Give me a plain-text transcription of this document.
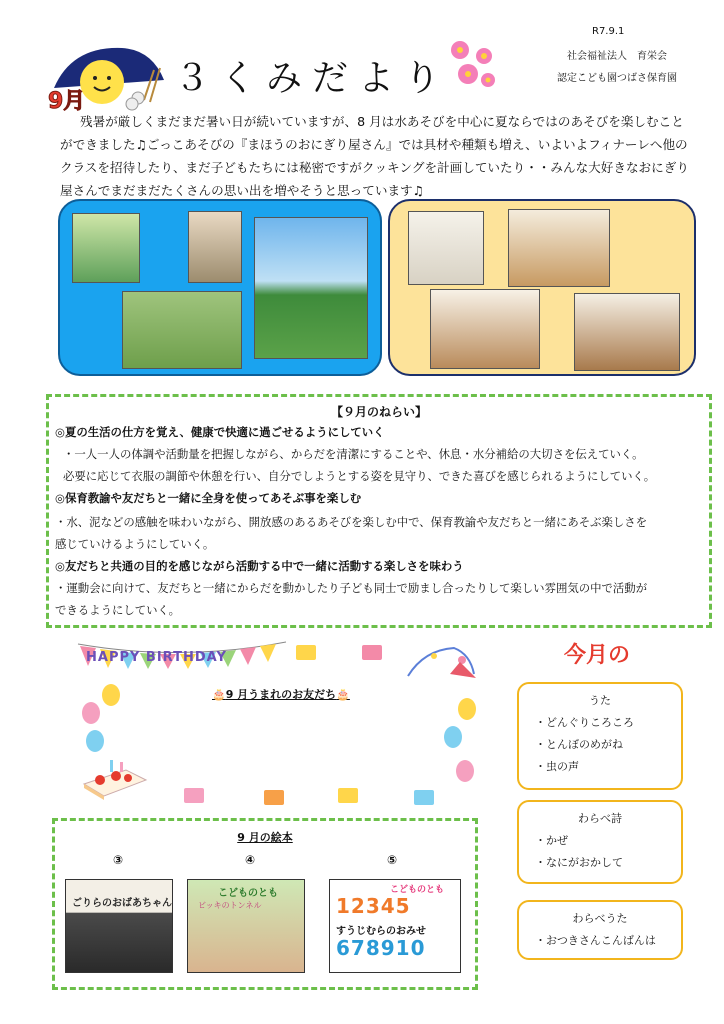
R7.9.1
社会福祉法人　育栄会
認定こども園つばさ保育園
9月
３くみだより
残暑が厳しくまだまだ暑い日が続いていますが、8 月は水あそびを中心に夏ならではのあそびを楽しむことができました♫ごっこあそびの『まほうのおにぎり屋さん』では具材や種類も増え、いよいよフィナーレへ他のクラスを招待したり、まだ子どもたちには秘密ですがクッキングを計画していたり・・みんな大好きなおにぎり屋さんでまだまだたくさんの思い出を増やそうと思っています♫
【９月のねらい】

◎夏の生活の仕方を覚え、健康で快適に過ごせるようにしていく

・一人一人の体調や活動量を把握しながら、からだを清潔にすることや、休息・水分補給の大切さを伝えていく。

必要に応じて衣服の調節や休憩を行い、自分でしようとする姿を見守り、できた喜びを感じられるようにしていく。

◎保育教諭や友だちと一緒に全身を使ってあそぶ事を楽しむ

・水、泥などの感触を味わいながら、開放感のあるあそびを楽しむ中で、保育教諭や友だちと一緒にあそぶ楽しさを

感じていけるようにしていく。

◎友だちと共通の目的を感じながら活動する中で一緒に活動する楽しさを味わう

・運動会に向けて、友だちと一緒にからだを動かしたり子ども同士で励まし合ったりして楽しい雰囲気の中で活動が

できるようにしていく。

HAPPY BIRTHDAY
🎂9 月うまれのお友だち🎂
9 月の絵本
③	④	⑤
ごりらのおばあちゃん
こどものとも
ビッキのトンネル
こどものとも
12345
すうじむらのおみせ
678910
今月の
うた
・どんぐりころころ
・とんぼのめがね
・虫の声
わらべ詩
・かぜ
・なにがおかして
わらべうた
・おつきさんこんばんは
